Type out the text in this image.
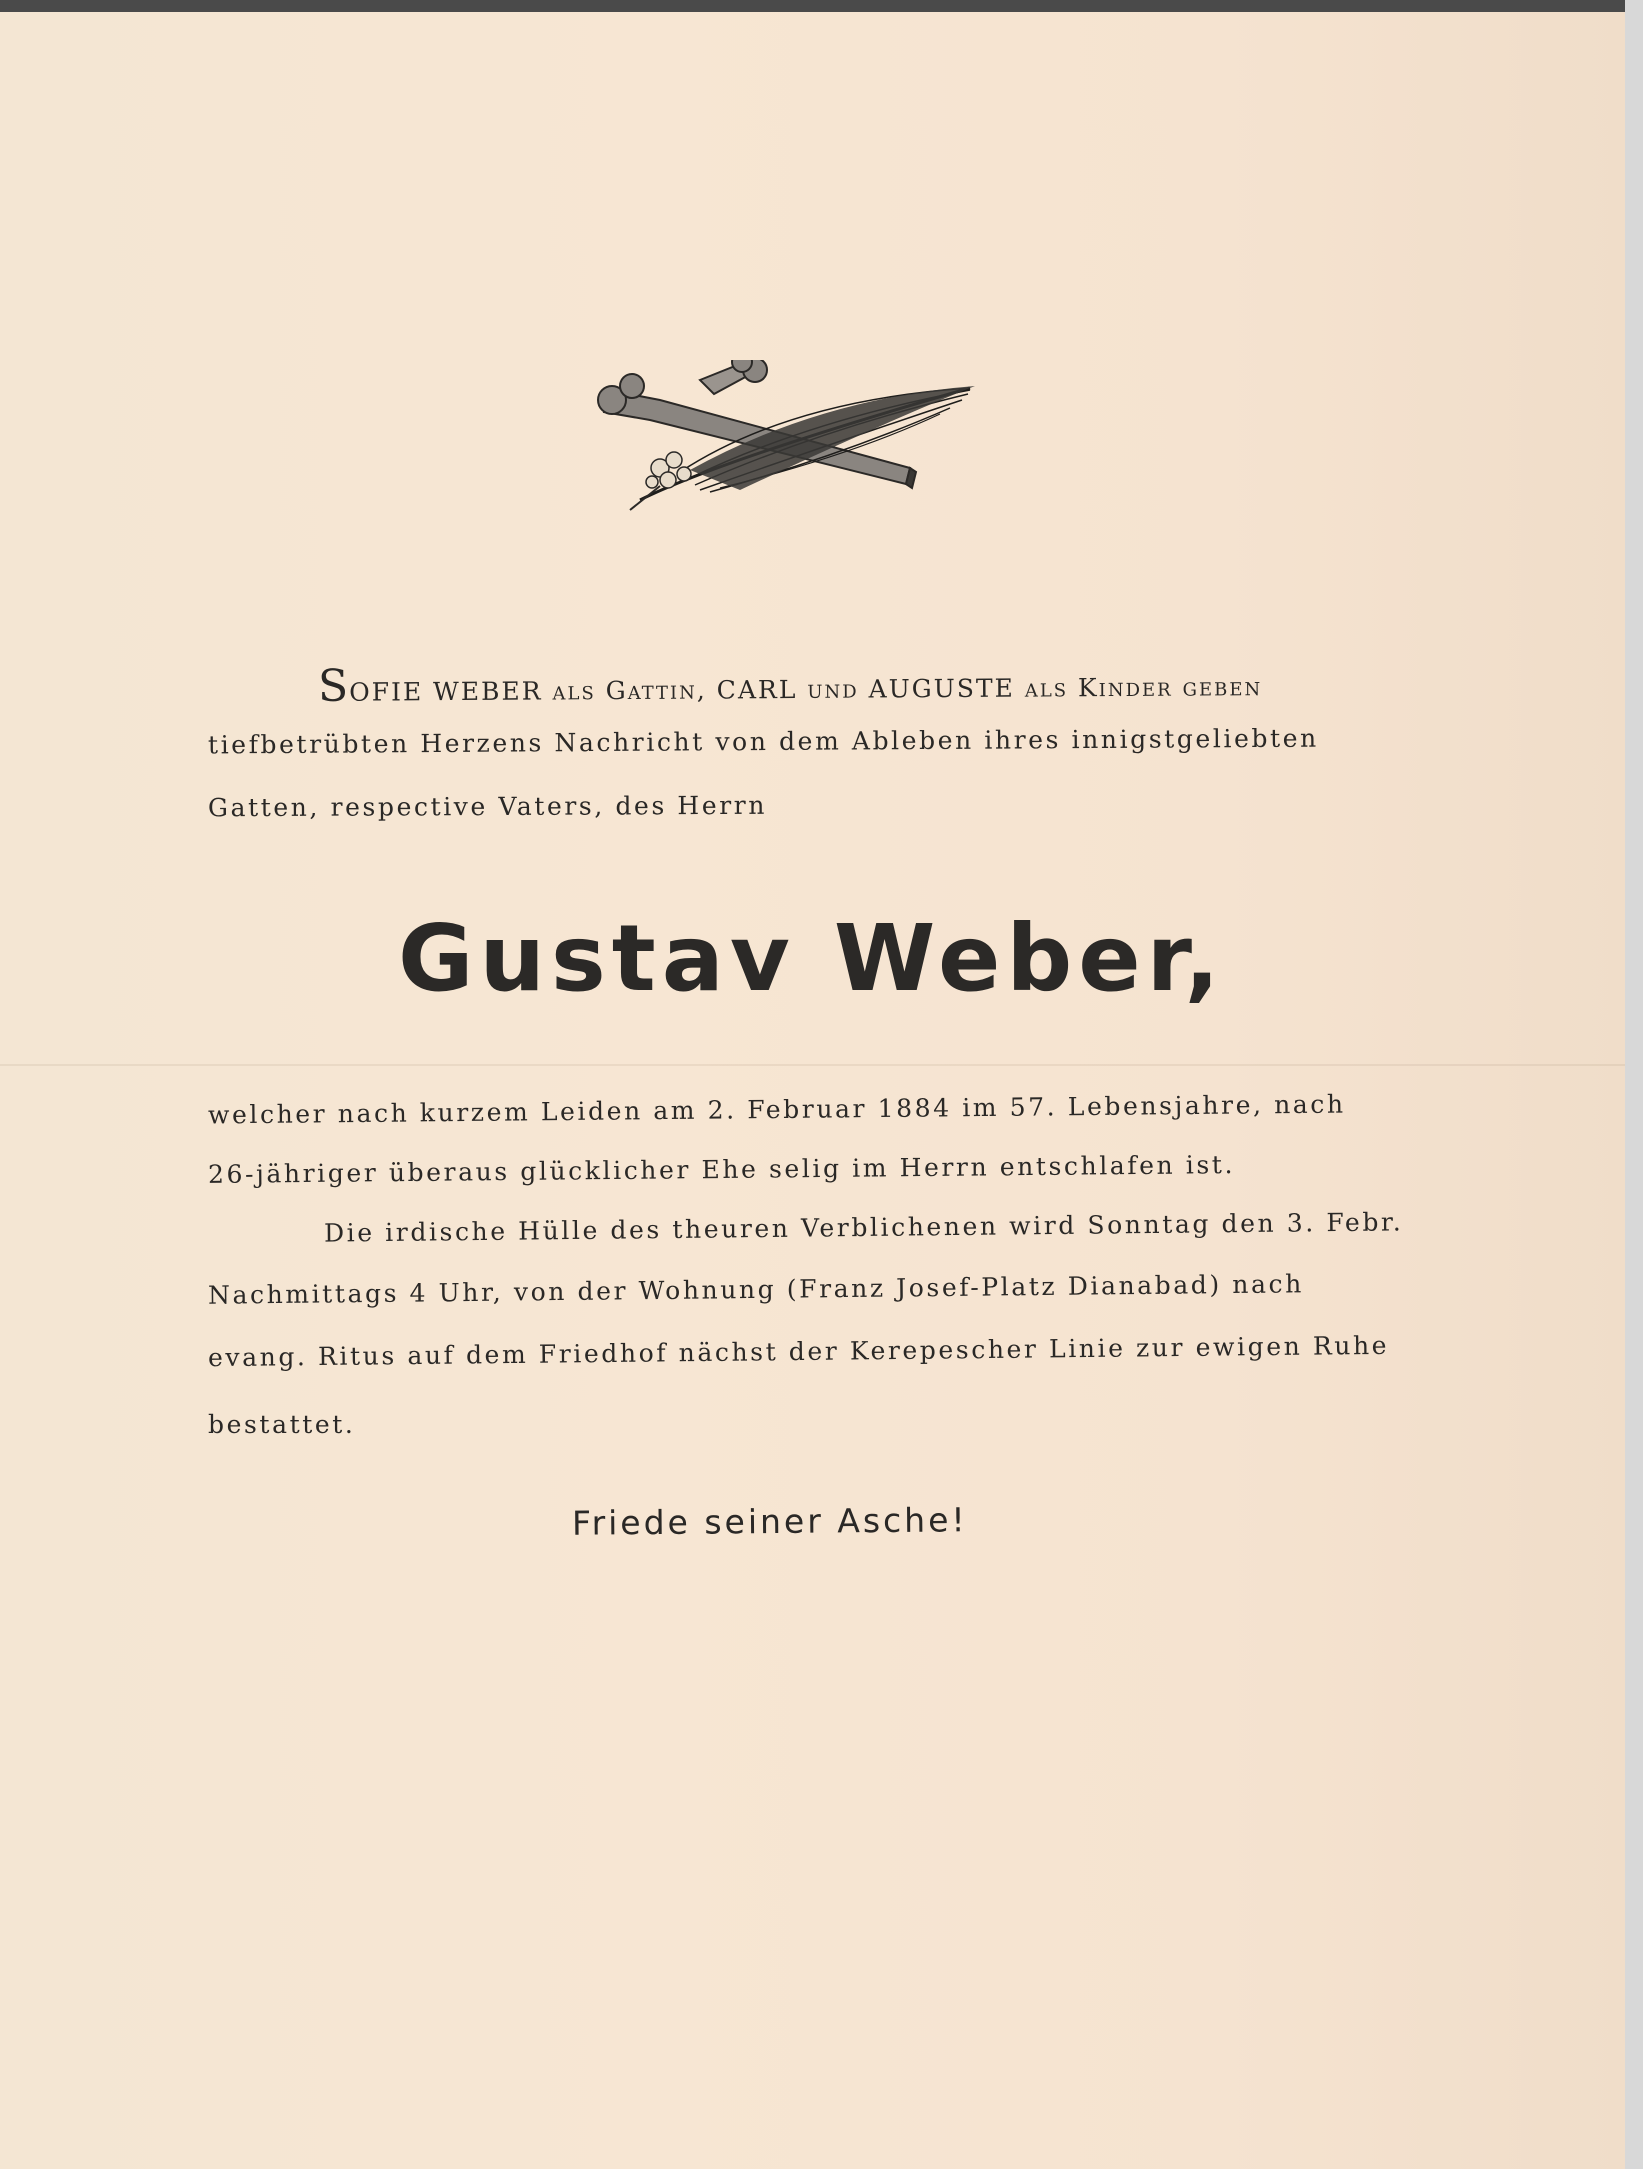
SOFIE WEBER als Gattin, CARL und AUGUSTE als Kinder geben
tiefbetrübten Herzens Nachricht von dem Ableben ihres innigstgeliebten
Gatten, respective Vaters, des Herrn
Gustav Weber,
welcher nach kurzem Leiden am 2. Februar 1884 im 57. Lebensjahre, nach
26-jähriger überaus glücklicher Ehe selig im Herrn entschlafen ist.
Die irdische Hülle des theuren Verblichenen wird Sonntag den 3. Febr.
Nachmittags 4 Uhr, von der Wohnung (Franz Josef-Platz Dianabad) nach
evang. Ritus auf dem Friedhof nächst der Kerepescher Linie zur ewigen Ruhe
bestattet.
Friede seiner Asche!
